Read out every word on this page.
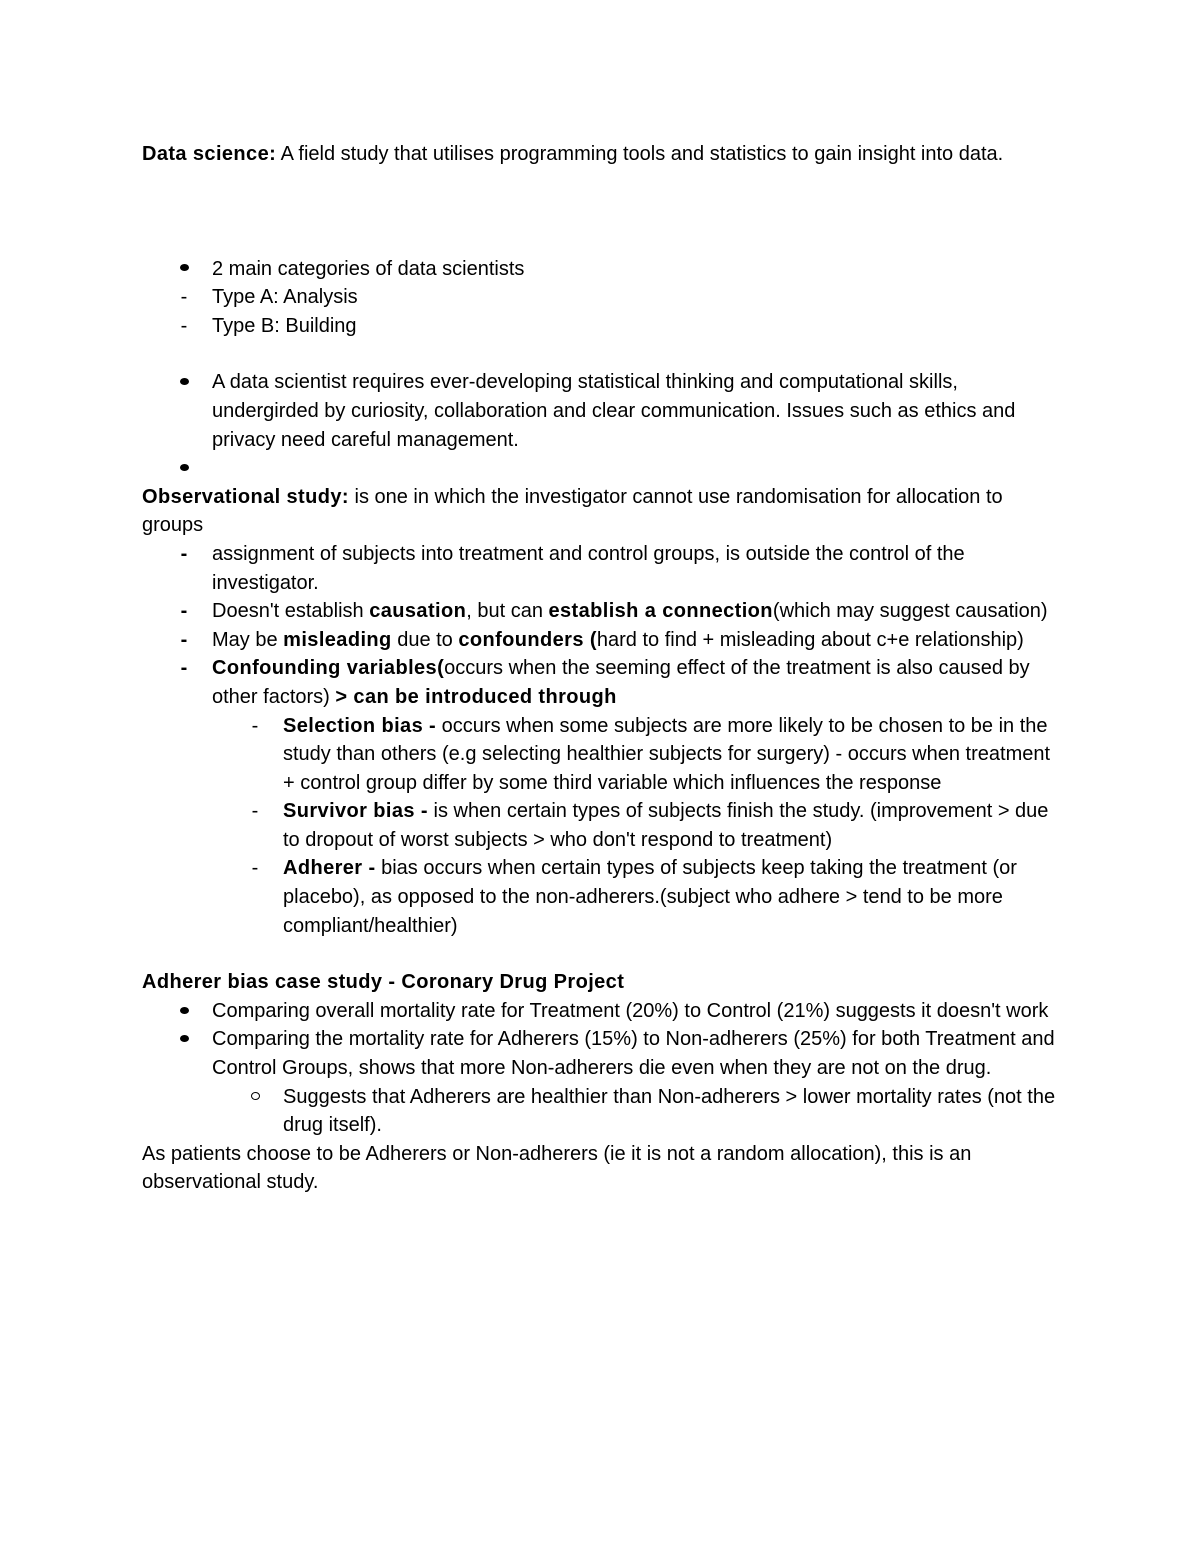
Data science: A field study that utilises programming tools and statistics to gain insight into data.

2 main categories of data scientists
-	Type A: Analysis
-	Type B: Building
A data scientist requires ever-developing statistical thinking and computational skills, undergirded by curiosity, collaboration and clear communication. Issues such as ethics and privacy need careful management.

Observational study: is one in which the investigator cannot use randomisation for allocation to groups

-	assignment of subjects into treatment and control groups, is outside the control of the investigator.
-	Doesn't establish causation, but can establish a connection(which may suggest causation)
-	May be misleading due to confounders (hard to find + misleading about c+e relationship)
-	Confounding variables(occurs when the seeming effect of the treatment is also caused by other factors) > can be introduced through
-	Selection bias - occurs when some subjects are more likely to be chosen to be in the study than others (e.g selecting healthier subjects for surgery) - occurs when treatment + control group differ by some third variable which influences the response
-	Survivor bias - is when certain types of subjects finish the study. (improvement > due to dropout of worst subjects > who don't respond to treatment)
-	Adherer - bias occurs when certain types of subjects keep taking the treatment (or placebo), as opposed to the non-adherers.(subject who adhere > tend to be more compliant/healthier)

Adherer bias case study - Coronary Drug Project

Comparing overall mortality rate for Treatment (20%) to Control (21%) suggests it doesn't work
Comparing the mortality rate for Adherers (15%) to Non-adherers (25%) for both Treatment and Control Groups, shows that more Non-adherers die even when they are not on the drug.
Suggests that Adherers are healthier than Non-adherers > lower mortality rates (not the drug itself).

As patients choose to be Adherers or Non-adherers (ie it is not a random allocation), this is an observational study.
